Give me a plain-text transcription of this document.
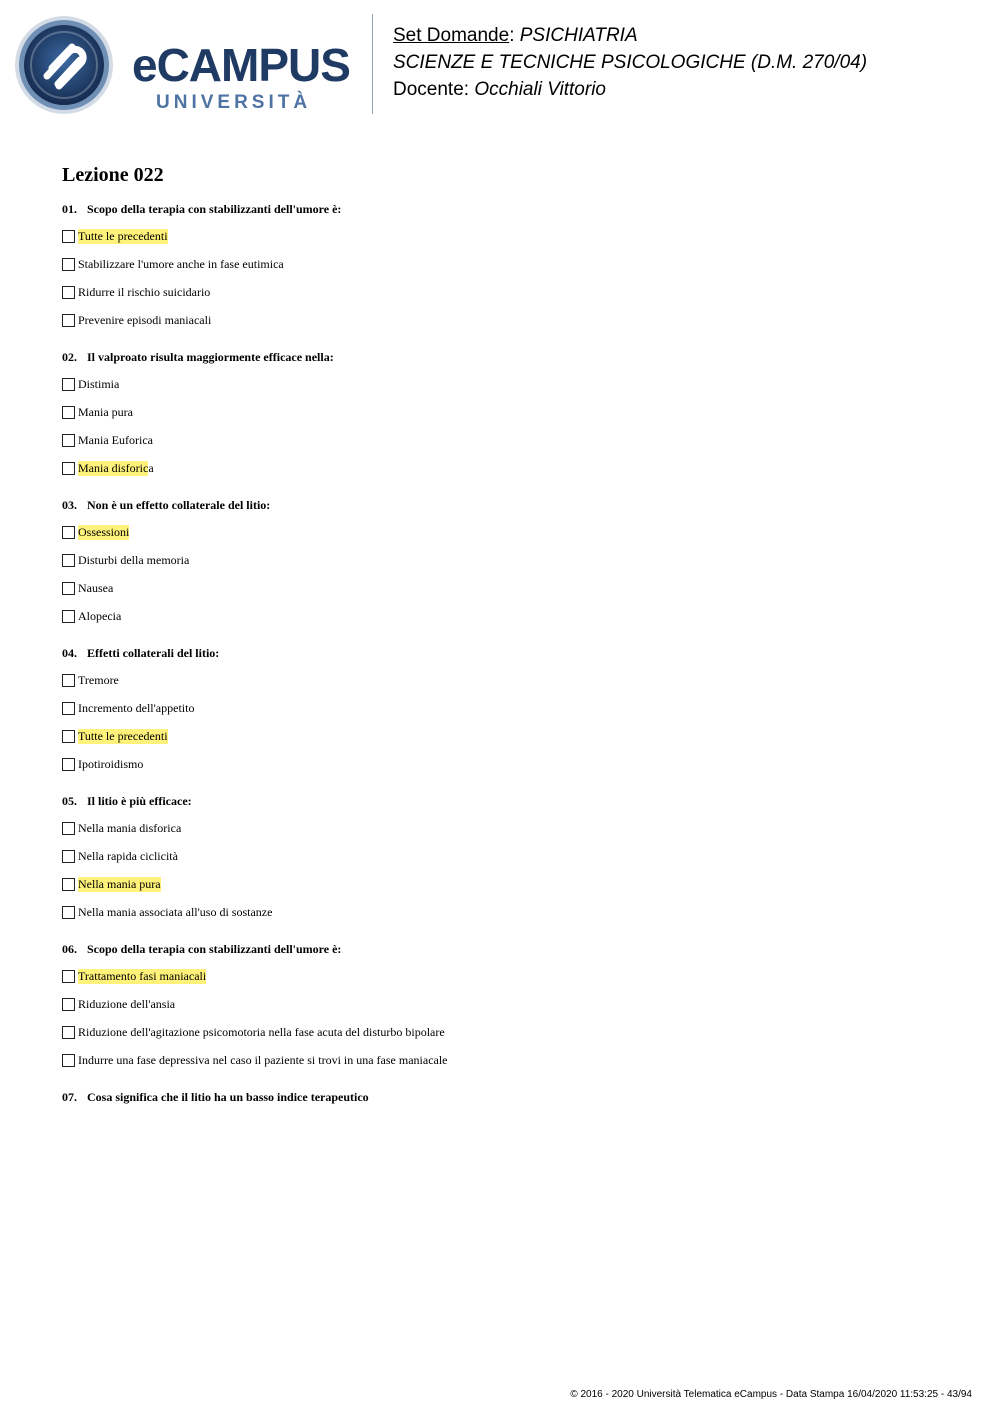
eCAMPUS
UNIVERSITÀ
Set Domande: PSICHIATRIA
SCIENZE E TECNICHE PSICOLOGICHE (D.M. 270/04)
Docente: Occhiali Vittorio
Lezione 022
01. Scopo della terapia con stabilizzanti dell'umore è:
Tutte le precedenti
Stabilizzare l'umore anche in fase eutimica
Ridurre il rischio suicidario
Prevenire episodi maniacali
02. Il valproato risulta maggiormente efficace nella:
Distimia
Mania pura
Mania Euforica
Mania disforic a
03. Non è un effetto collaterale del litio:
Ossessioni
Disturbi della memoria
Nausea
Alopecia
04. Effetti collaterali del litio:
Tremore
Incremento dell'appetito
Tutte le precedenti
Ipotiroidismo
05. Il litio è più efficace:
Nella mania disforica
Nella rapida ciclicità
Nella mania pura
Nella mania associata all'uso di sostanze
06. Scopo della terapia con stabilizzanti dell'umore è:
Trattamento fasi maniacali
Riduzione dell'ansia
Riduzione dell'agitazione psicomotoria nella fase acuta del disturbo bipolare
Indurre una fase depressiva nel caso il paziente si trovi in una fase maniacale
07. Cosa significa che il litio ha un basso indice terapeutico
© 2016 - 2020 Università Telematica eCampus - Data Stampa 16/04/2020 11:53:25 - 43/94
